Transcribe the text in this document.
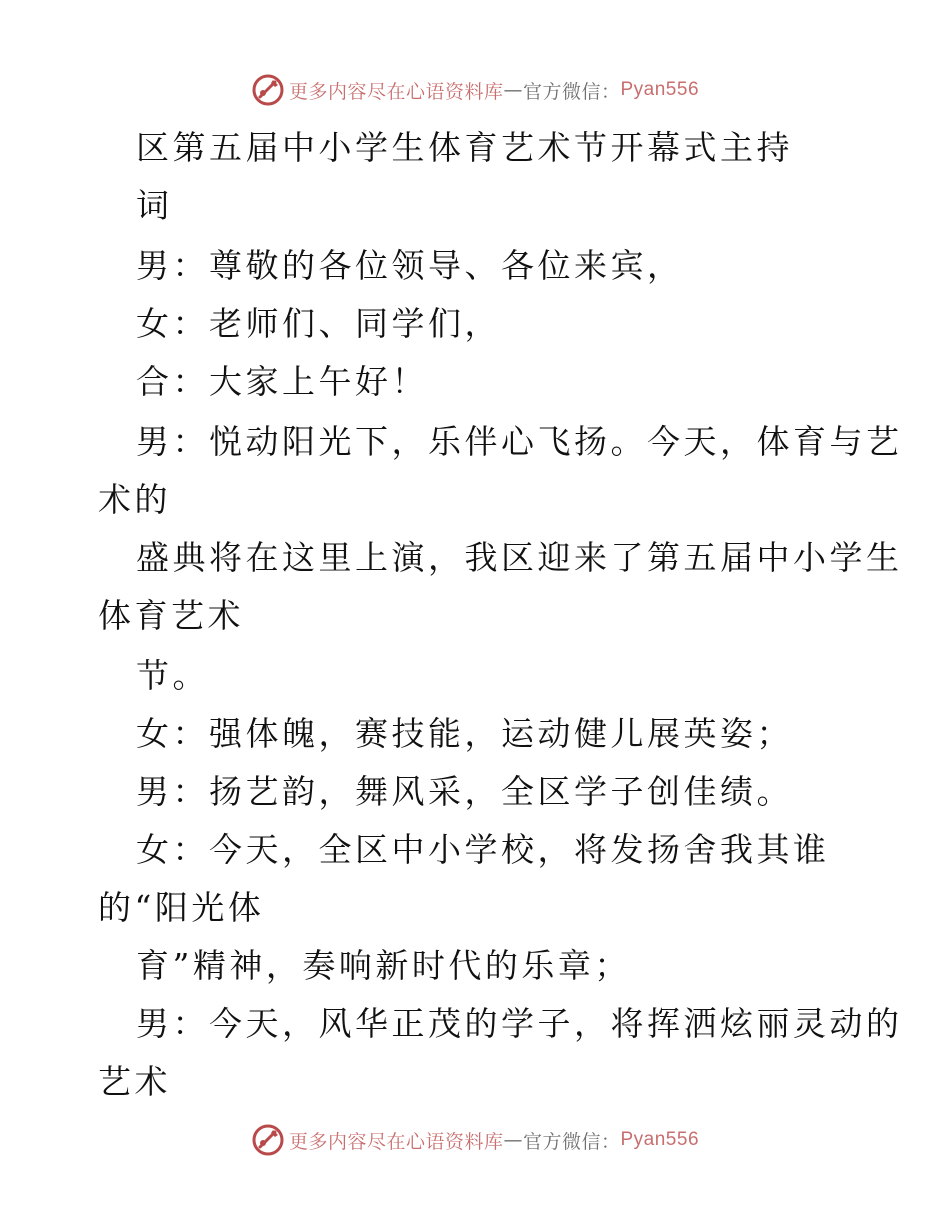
更多内容尽在心语资料库 — 官方微信： Pyan556
区第五届中小学生体育艺术节开幕式主持
词
男：尊敬的各位领导、各位来宾，
女：老师们、同学们，
合：大家上午好！
男：悦动阳光下，乐伴心飞扬。今天，体育与艺
术的
盛典将在这里上演，我区迎来了第五届中小学生
体育艺术
节。
女：强体魄，赛技能，运动健儿展英姿；
男：扬艺韵，舞风采，全区学子创佳绩。
女：今天，全区中小学校，将发扬舍我其谁
的“阳光体
育”精神，奏响新时代的乐章；
男：今天，风华正茂的学子，将挥洒炫丽灵动的
艺术
更多内容尽在心语资料库 — 官方微信： Pyan556
